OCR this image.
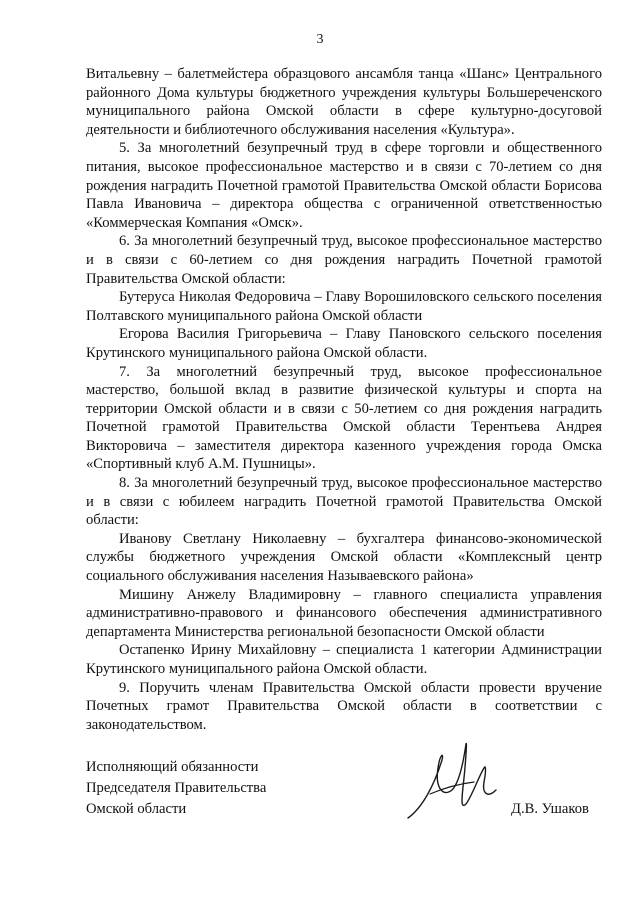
3

Витальевну – балетмейстера образцового ансамбля танца «Шанс» Центрального районного Дома культуры бюджетного учреждения культуры Большереченского муниципального района Омской области в сфере культурно-досуговой деятельности и библиотечного обслуживания населения «Культура».

5. За многолетний безупречный труд в сфере торговли и общественного питания, высокое профессиональное мастерство и в связи с 70-летием со дня рождения наградить Почетной грамотой Правительства Омской области Борисова Павла Ивановича – директора общества с ограниченной ответственностью «Коммерческая Компания «Омск».

6. За многолетний безупречный труд, высокое профессиональное мастерство и в связи с 60-летием со дня рождения наградить Почетной грамотой Правительства Омской области:

Бутеруса Николая Федоровича – Главу Ворошиловского сельского поселения Полтавского муниципального района Омской области

Егорова Василия Григорьевича – Главу Пановского сельского поселения Крутинского муниципального района Омской области.

7. За многолетний безупречный труд, высокое профессиональное мастерство, большой вклад в развитие физической культуры и спорта на территории Омской области и в связи с 50-летием со дня рождения наградить Почетной грамотой Правительства Омской области Терентьева Андрея Викторовича – заместителя директора казенного учреждения города Омска «Спортивный клуб А.М. Пушницы».

8. За многолетний безупречный труд, высокое профессиональное мастерство и в связи с юбилеем наградить Почетной грамотой Правительства Омской области:

Иванову Светлану Николаевну – бухгалтера финансово-экономической службы бюджетного учреждения Омской области «Комплексный центр социального обслуживания населения Называевского района»

Мишину Анжелу Владимировну – главного специалиста управления административно-правового и финансового обеспечения административного департамента Министерства региональной безопасности Омской области

Остапенко Ирину Михайловну – специалиста 1 категории Администрации Крутинского муниципального района Омской области.

9. Поручить членам Правительства Омской области провести вручение Почетных грамот Правительства Омской области в соответствии с законодательством.

Исполняющий обязанности
Председателя Правительства
Омской области	Д.В. Ушаков
